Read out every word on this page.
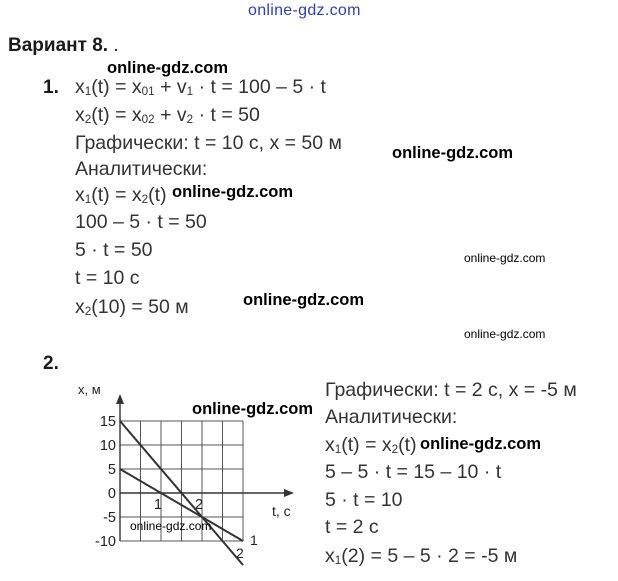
online-gdz.com
Вариант 8. .
1. $x_1(t) = x_{01} + v_1 \cdot t = 100 - 5 \cdot t$
$x_2(t) = x_{02} + v_2 \cdot t = 50$
Графически: t = 10 с, x = 50 м
Аналитически:
$x_1(t) = x_2(t)$
100 – 5 · t = 50
5 · t = 50
t = 10 с
$x_2(10) = 50$ м
2.
Графически: t = 2 с, x = -5 м
Аналитически:
$x_1(t) = x_2(t)$
5 – 5 · t = 15 – 10 · t
5 · t = 10
t = 2 с
$x_1(2) = 5 - 5 \cdot 2 = -5$ м
1
2
15
10
5
0
-5
-10
1 2
x, м
t, с
online-gdz.com
online-gdz.com
online-gdz.com
online-gdz.com
online-gdz.com
online-gdz.com
online-gdz.com
online-gdz.com
online-gdz.com
